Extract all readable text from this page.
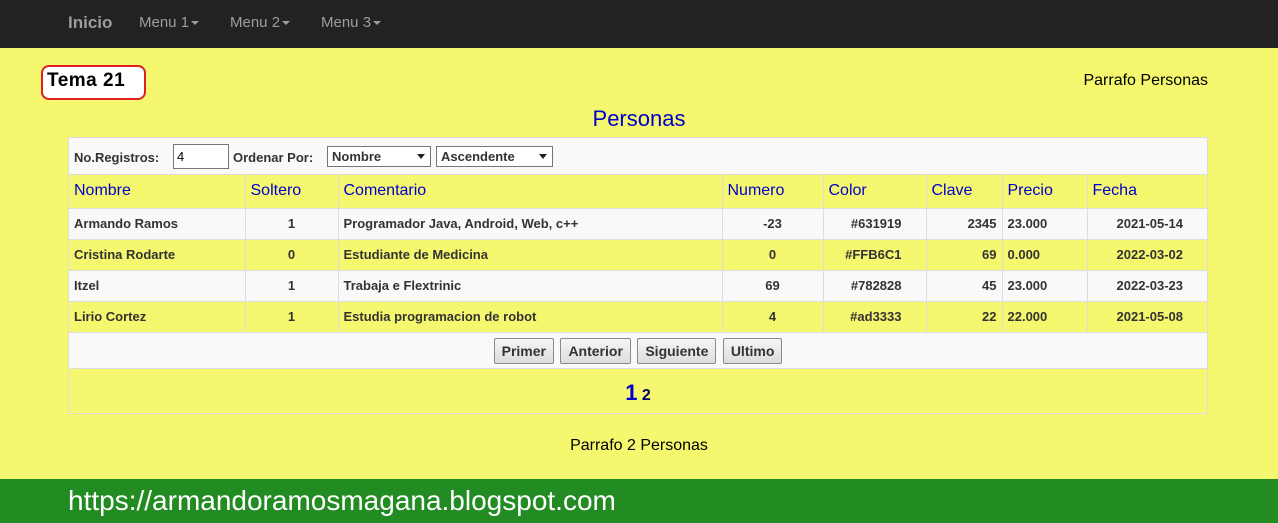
Inicio Menu 1	Menu 2	Menu 3
Tema 21	Parrafo Personas
Personas
No.Registros:
4	Ordenar Por:	Nombre	Ascendente
Nombre	Soltero	Comentario	Numero	Color	Clave	Precio	Fecha
Armando Ramos	1	Programador Java, Android, Web, c++	-23	#631919	2345	23.000	2021-05-14
Cristina Rodarte	0	Estudiante de Medicina	0	#FFB6C1	69	0.000	2022-03-02
Itzel	1	Trabaja e Flextrinic	69	#782828	45	23.000	2022-03-23
Lirio Cortez	1	Estudia programacion de robot	4	#ad3333	22	22.000	2021-05-08
Primer Anterior Siguiente Ultimo
1 2
Parrafo 2 Personas
https://armandoramosmagana.blogspot.com
